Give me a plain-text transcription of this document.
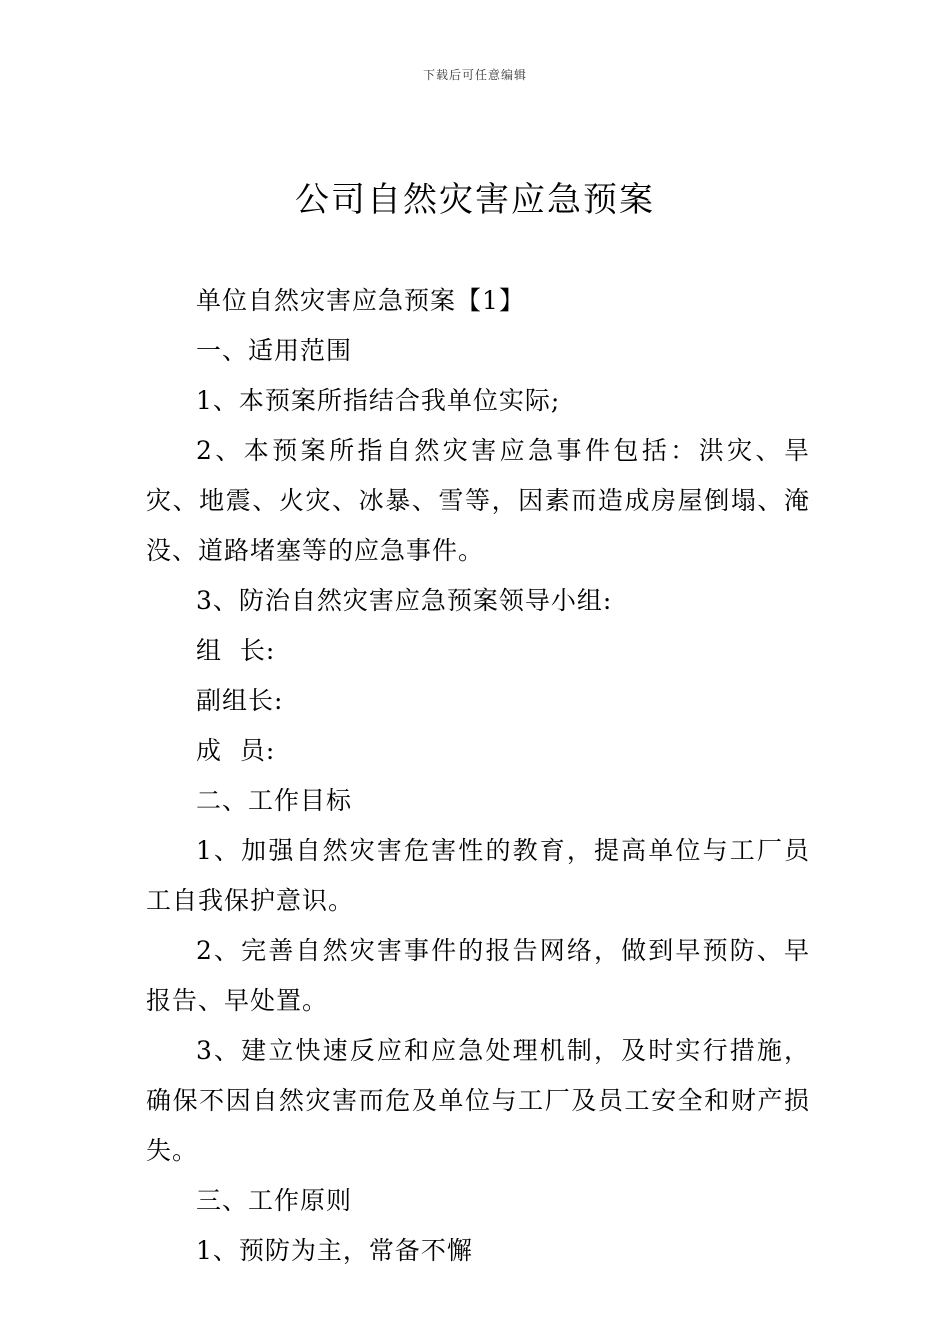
下载后可任意编辑
公司自然灾害应急预案

单位自然灾害应急预案【1】

一、适用范围

1、本预案所指结合我单位实际;

2、本预案所指自然灾害应急事件包括：洪灾、旱灾、地震、火灾、冰暴、雪等，因素而造成房屋倒塌、淹没、道路堵塞等的应急事件。

3、防治自然灾害应急预案领导小组:

组  长:

副组长:

成  员:

二、工作目标

1、加强自然灾害危害性的教育，提高单位与工厂员工自我保护意识。

2、完善自然灾害事件的报告网络，做到早预防、早报告、早处置。

3、建立快速反应和应急处理机制，及时实行措施，确保不因自然灾害而危及单位与工厂及员工安全和财产损失。

三、工作原则

1、预防为主，常备不懈
